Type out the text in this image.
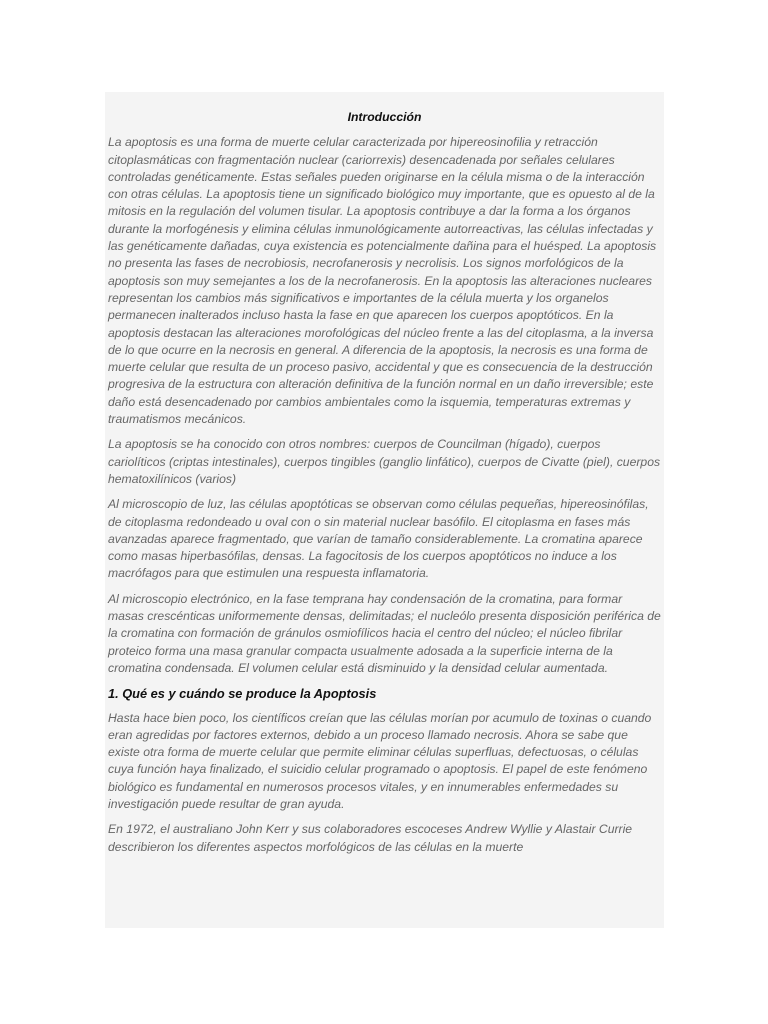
Introducción

La apoptosis es una forma de muerte celular caracterizada por hipereosinofilia y retracción citoplasmáticas con fragmentación nuclear (cariorrexis) desencadenada por señales celulares controladas genéticamente. Estas señales pueden originarse en la célula misma o de la interacción con otras células. La apoptosis tiene un significado biológico muy importante, que es opuesto al de la mitosis en la regulación del volumen tisular. La apoptosis contribuye a dar la forma a los órganos durante la morfogénesis y elimina células inmunológicamente autorreactivas, las células infectadas y las genéticamente dañadas, cuya existencia es potencialmente dañina para el huésped. La apoptosis no presenta las fases de necrobiosis, necrofanerosis y necrolisis. Los signos morfológicos de la apoptosis son muy semejantes a los de la necrofanerosis. En la apoptosis las alteraciones nucleares representan los cambios más significativos e importantes de la célula muerta y los organelos permanecen inalterados incluso hasta la fase en que aparecen los cuerpos apoptóticos. En la apoptosis destacan las alteraciones morofológicas del núcleo frente a las del citoplasma, a la inversa de lo que ocurre en la necrosis en general. A diferencia de la apoptosis, la necrosis es una forma de muerte celular que resulta de un proceso pasivo, accidental y que es consecuencia de la destrucción progresiva de la estructura con alteración definitiva de la función normal en un daño irreversible; este daño está desencadenado por cambios ambientales como la isquemia, temperaturas extremas y traumatismos mecánicos.

La apoptosis se ha conocido con otros nombres: cuerpos de Councilman (hígado), cuerpos cariolíticos (criptas intestinales), cuerpos tingibles (ganglio linfático), cuerpos de Civatte (piel), cuerpos hematoxilínicos (varios)

Al microscopio de luz, las células apoptóticas se observan como células pequeñas, hipereosinófilas, de citoplasma redondeado u oval con o sin material nuclear basófilo. El citoplasma en fases más avanzadas aparece fragmentado, que varían de tamaño considerablemente. La cromatina aparece como masas hiperbasófilas, densas. La fagocitosis de los cuerpos apoptóticos no induce a los macrófagos para que estimulen una respuesta inflamatoria.

Al microscopio electrónico, en la fase temprana hay condensación de la cromatina, para formar masas crescénticas uniformemente densas, delimitadas; el nucleólo presenta disposición periférica de la cromatina con formación de gránulos osmiofílicos hacia el centro del núcleo; el núcleo fibrilar proteico forma una masa granular compacta usualmente adosada a la superficie interna de la cromatina condensada. El volumen celular está disminuido y la densidad celular aumentada.

1. Qué es y cuándo se produce la Apoptosis

Hasta hace bien poco, los científicos creían que las células morían por acumulo de toxinas o cuando eran agredidas por factores externos, debido a un proceso llamado necrosis. Ahora se sabe que existe otra forma de muerte celular que permite eliminar células superfluas, defectuosas, o células cuya función haya finalizado, el suicidio celular programado o apoptosis. El papel de este fenómeno biológico es fundamental en numerosos procesos vitales, y en innumerables enfermedades su investigación puede resultar de gran ayuda.

En 1972, el australiano John Kerr y sus colaboradores escoceses Andrew Wyllie y Alastair Currie describieron los diferentes aspectos morfológicos de las células en la muerte
